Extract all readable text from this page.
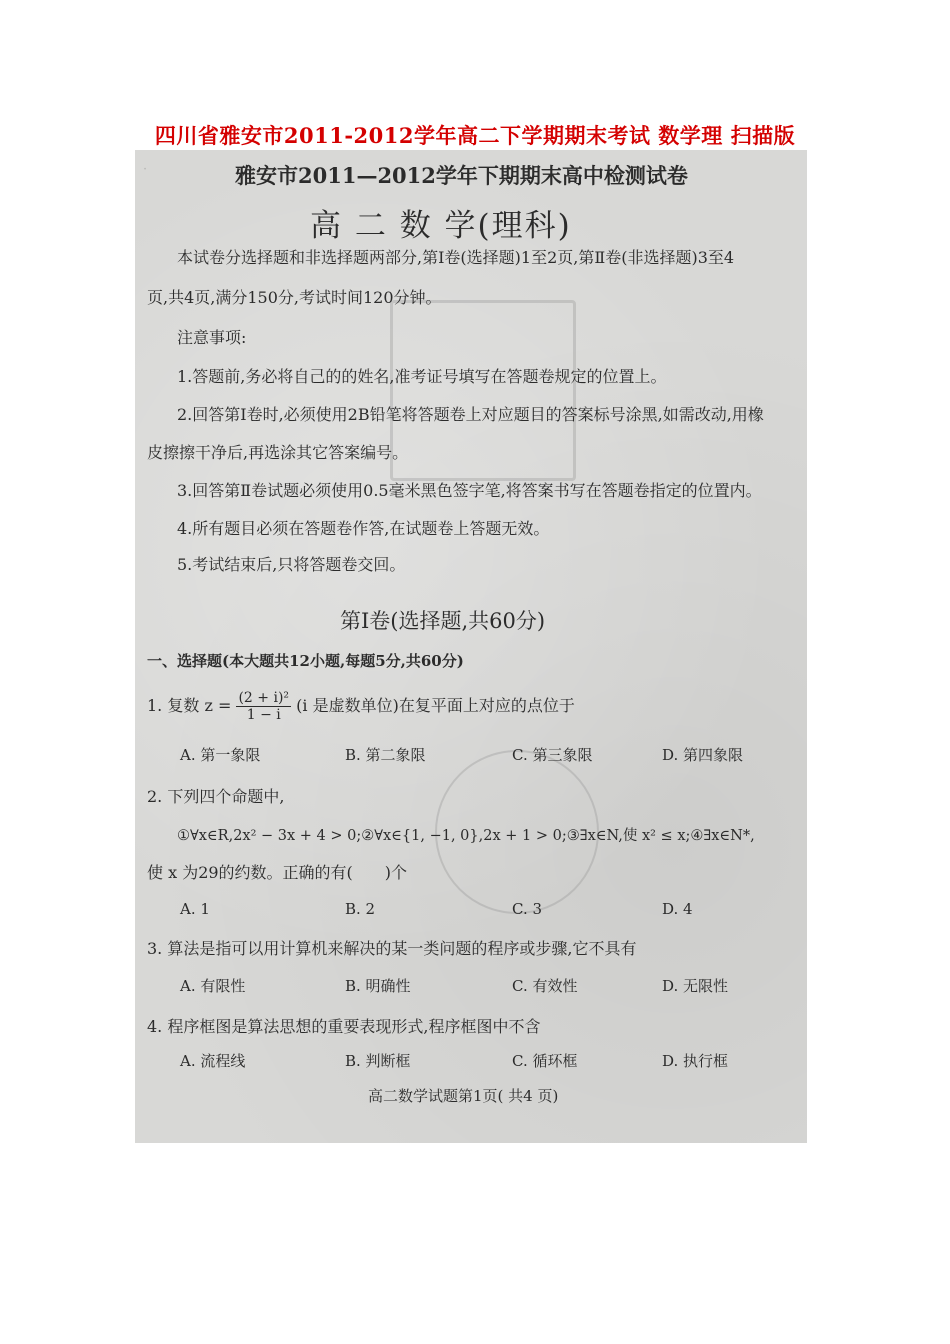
四川省雅安市2011-2012学年高二下学期期末考试 数学理 扫描版
·	雅安市2011—2012学年下期期末高中检测试卷
高 二 数 学(理科)
本试卷分选择题和非选择题两部分,第Ⅰ卷(选择题)1至2页,第Ⅱ卷(非选择题)3至4
页,共4页,满分150分,考试时间120分钟。
注意事项:
1.答题前,务必将自己的的姓名,准考证号填写在答题卷规定的位置上。
2.回答第Ⅰ卷时,必须使用2B铅笔将答题卷上对应题目的答案标号涂黑,如需改动,用橡
皮擦擦干净后,再选涂其它答案编号。
3.回答第Ⅱ卷试题必须使用0.5毫米黑色签字笔,将答案书写在答题卷指定的位置内。
4.所有题目必须在答题卷作答,在试题卷上答题无效。
5.考试结束后,只将答题卷交回。
第Ⅰ卷(选择题,共60分)
一、选择题(本大题共12小题,每题5分,共60分)
1. 复数 $z = \frac{\text{(2 + i)²}}{1 - i} (i$ 是虚数单位)在复平面上对应的点位于
A. 第一象限	B. 第二象限	C. 第三象限	D. 第四象限
2. 下列四个命题中,
①∀x∈R,2x² − 3x + 4 > 0;②∀x∈{1, −1, 0},2x + 1 > 0;③∃x∈N,使 x² ≤ x;④∃x∈N*,
使 x 为29的约数。正确的有(　　)个
A. 1	B. 2	C. 3	D. 4
3. 算法是指可以用计算机来解决的某一类问题的程序或步骤,它不具有
A. 有限性	B. 明确性	C. 有效性	D. 无限性
4. 程序框图是算法思想的重要表现形式,程序框图中不含
A. 流程线	B. 判断框	C. 循环框	D. 执行框
高二数学试题第1页( 共4 页)
